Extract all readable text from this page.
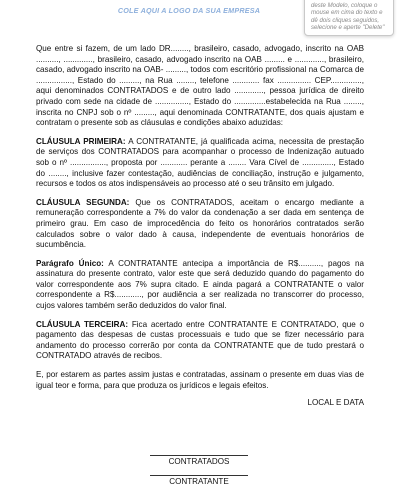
COLE AQUI A LOGO DA SUA EMPRESA
deste Modelo, coloque o mouse em cima do texto e dê dois cliques seguidos, selecione e aperte "Delete"

Que entre si fazem, de um lado DR........, brasileiro, casado, advogado, inscrito na OAB .........., ............., brasileiro, casado, advogado inscrito na OAB ......... e ............., brasileiro, casado, advogado inscrito na OAB- ........., todos com escritório profissional na Comarca de ................, Estado do ........., na Rua ........, telefone ............ fax ............... CEP.............., aqui denominados CONTRATADOS e de outro lado ............., pessoa jurídica de direito privado com sede na cidade de ..............., Estado do ..............estabelecida na Rua ........, inscrita no CNPJ sob o nº ........., aqui denominada CONTRATANTE, dos quais ajustam e contratam o presente sob as cláusulas e condições abaixo aduzidas:

CLÁUSULA PRIMEIRA: A CONTRATANTE, já qualificada acima, necessita de prestação de serviços dos CONTRATADOS para acompanhar o processo de Indenização autuado sob o nº ................, proposta por ............ perante a ........ Vara Cível de .............., Estado do ........, inclusive fazer contestação, audiências de conciliação, instrução e julgamento, recursos e todos os atos indispensáveis ao processo até o seu trânsito em julgado.

CLÁUSULA SEGUNDA: Que os CONTRATADOS, aceitam o encargo mediante a remuneração correspondente a 7% do valor da condenação a ser dada em sentença de primeiro grau. Em caso de improcedência do feito os honorários contratados serão calculados sobre o valor dado à causa, independente de eventuais honorários de sucumbência.

Parágrafo Único: A CONTRATANTE antecipa a importância de R$.........., pagos na assinatura do presente contrato, valor este que será deduzido quando do pagamento do valor correspondente aos 7% supra citado. E ainda pagará a CONTRATANTE o valor correspondente a R$............, por audiência a ser realizada no transcorrer do processo, cujos valores também serão deduzidos do valor final.

CLÁUSULA TERCEIRA: Fica acertado entre CONTRATANTE E CONTRATADO, que o pagamento das despesas de custas processuais e tudo que se fizer necessário para andamento do processo correrão por conta da CONTRATANTE que de tudo prestará o CONTRATADO através de recibos.

E, por estarem as partes assim justas e contratadas, assinam o presente em duas vias de igual teor e forma, para que produza os jurídicos e legais efeitos.

LOCAL E DATA
CONTRATADOS
CONTRATANTE
